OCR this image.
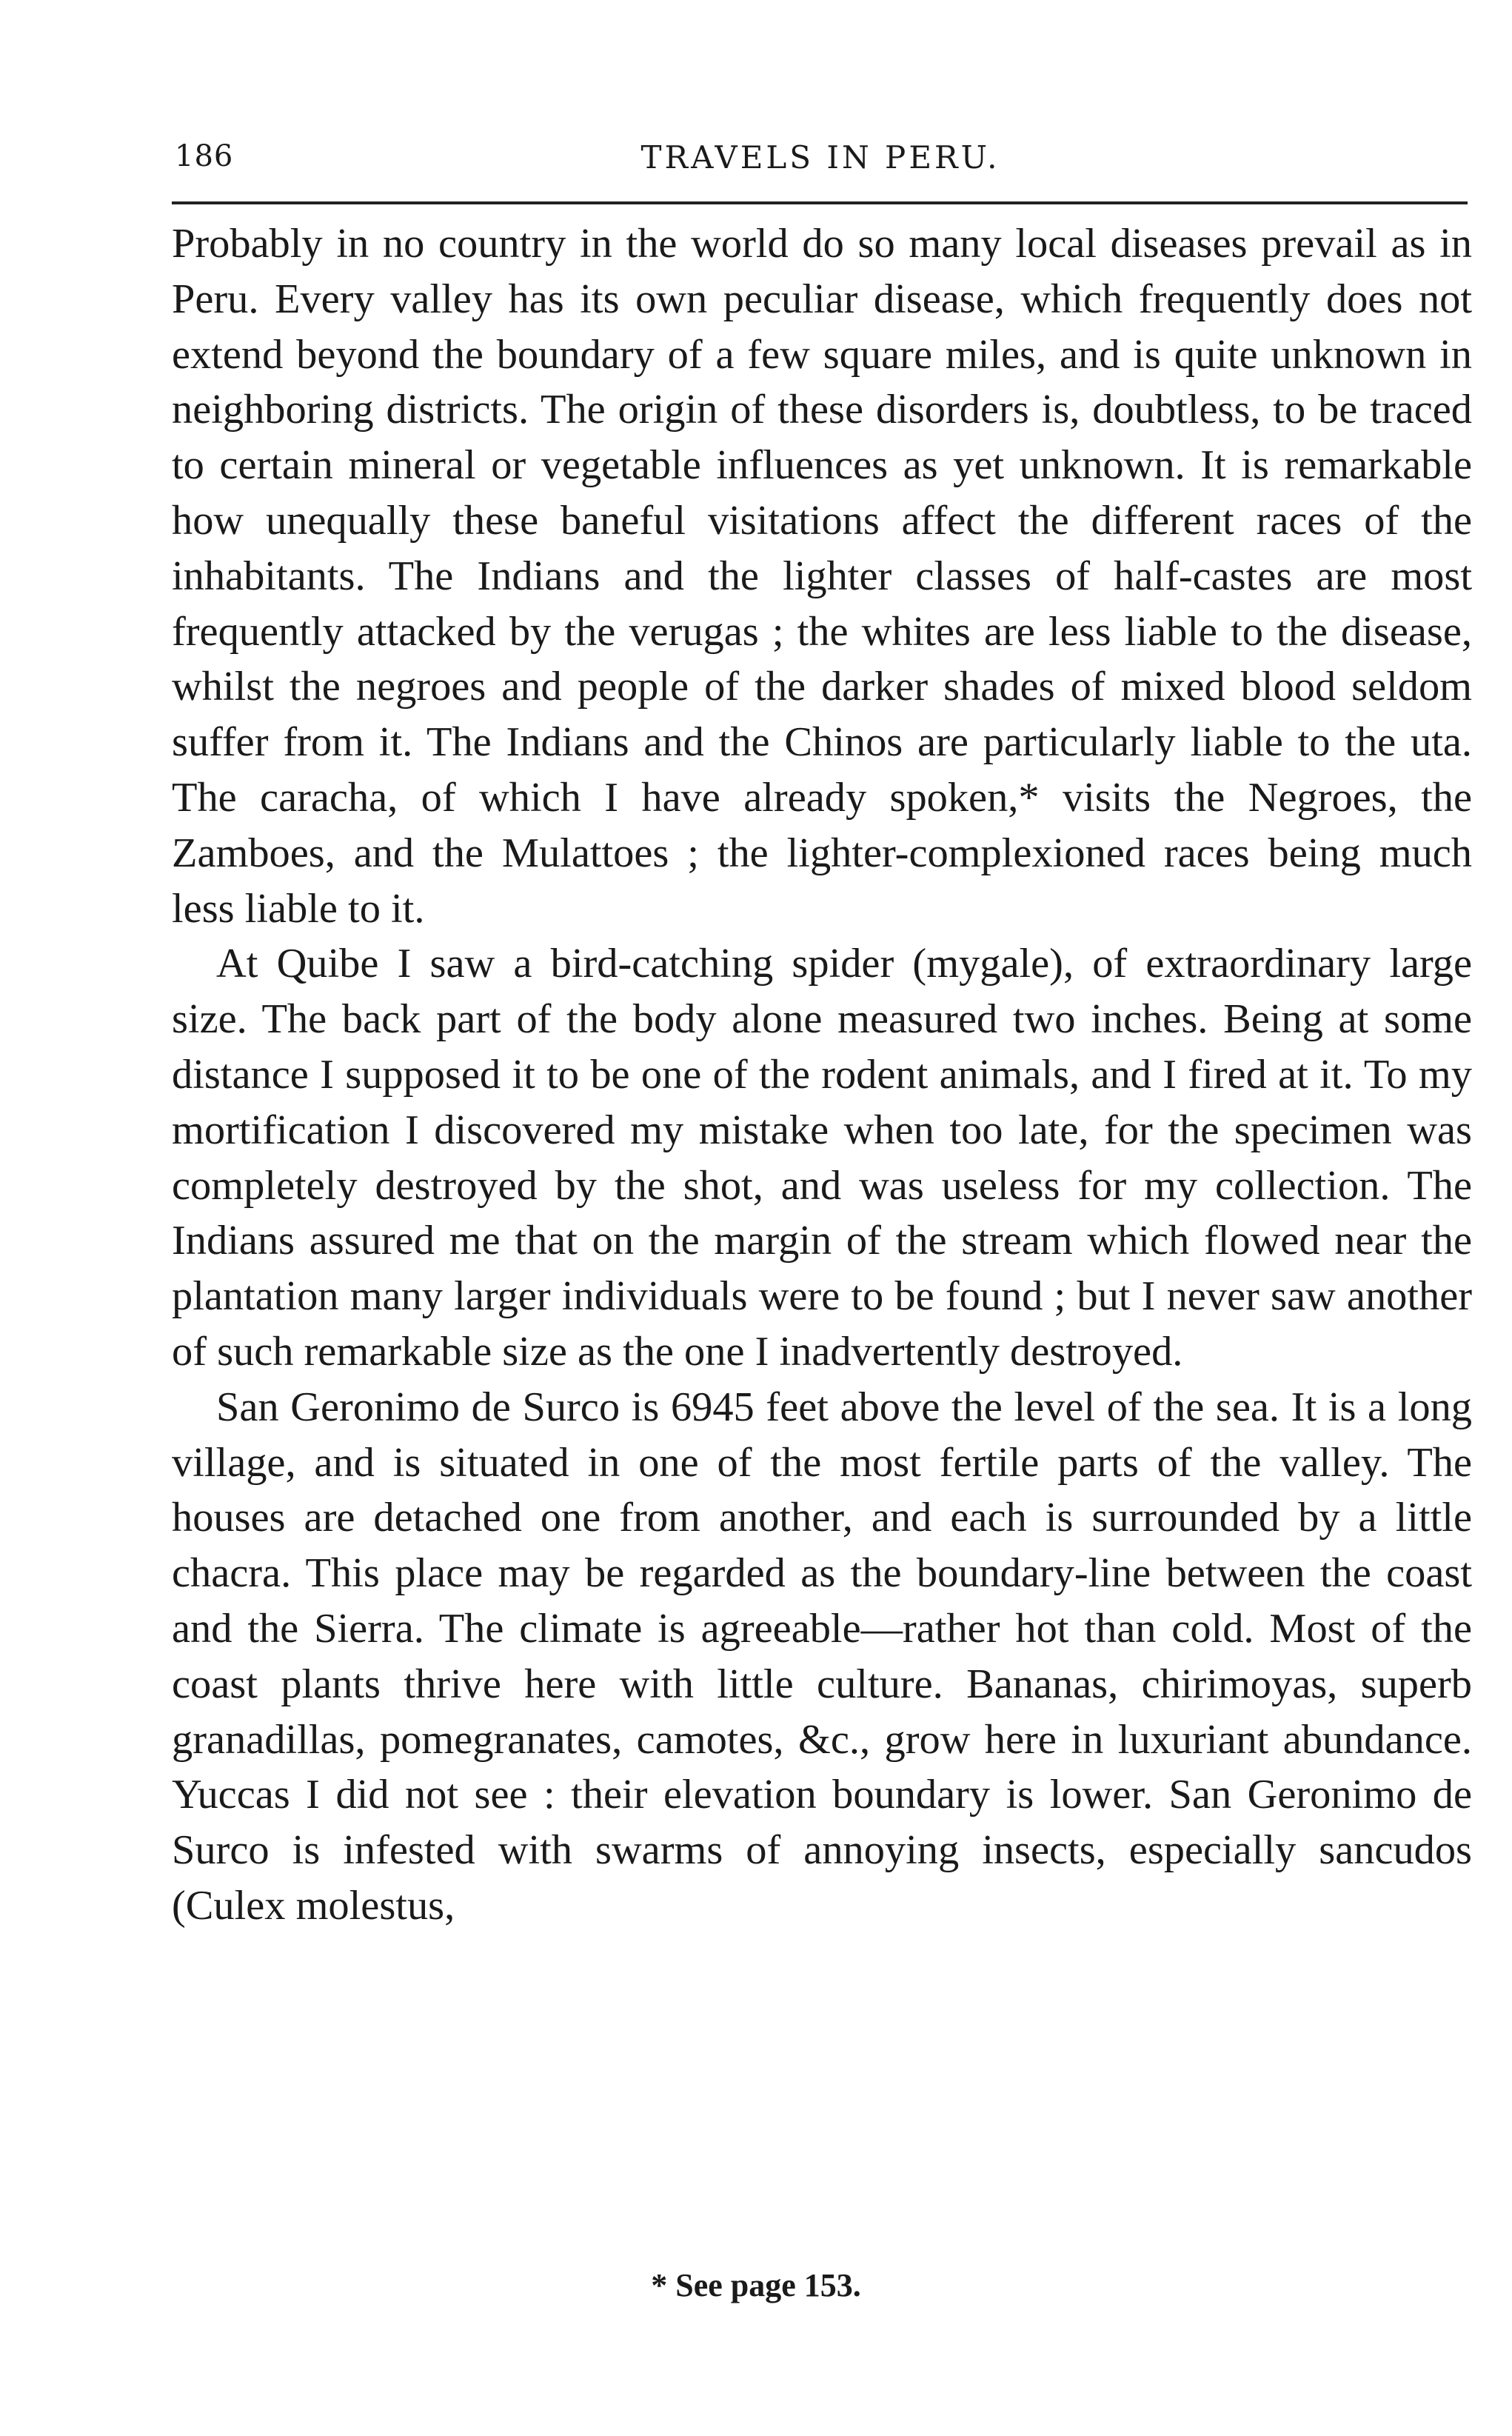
186	TRAVELS IN PERU.

Probably in no country in the world do so many local diseases prevail as in Peru. Every valley has its own peculiar disease, which frequently does not extend beyond the boundary of a few square miles, and is quite unknown in neighboring districts. The origin of these disorders is, doubtless, to be traced to certain mineral or vegetable influences as yet unknown. It is remarkable how unequally these baneful visitations affect the different races of the inhabitants. The Indians and the lighter classes of half-castes are most frequently attacked by the verugas ; the whites are less liable to the disease, whilst the negroes and people of the darker shades of mixed blood seldom suffer from it. The Indians and the Chinos are particularly liable to the uta. The caracha, of which I have already spoken,* visits the Negroes, the Zamboes, and the Mulattoes ; the lighter-complexioned races being much less liable to it.

At Quibe I saw a bird-catching spider (mygale), of extraordinary large size. The back part of the body alone measured two inches. Being at some distance I supposed it to be one of the rodent animals, and I fired at it. To my mortification I discovered my mistake when too late, for the specimen was completely destroyed by the shot, and was useless for my collection. The Indians assured me that on the margin of the stream which flowed near the plantation many larger individuals were to be found ; but I never saw another of such remarkable size as the one I inadvertently destroyed.

San Geronimo de Surco is 6945 feet above the level of the sea. It is a long village, and is situated in one of the most fertile parts of the valley. The houses are detached one from another, and each is surrounded by a little chacra. This place may be regarded as the boundary-line between the coast and the Sierra. The climate is agreeable—rather hot than cold. Most of the coast plants thrive here with little culture. Bananas, chirimoyas, superb granadillas, pomegranates, camotes, &c., grow here in luxuriant abundance. Yuccas I did not see : their elevation boundary is lower. San Geronimo de Surco is infested with swarms of annoying insects, especially sancudos (Culex molestus,

* See page 153.
